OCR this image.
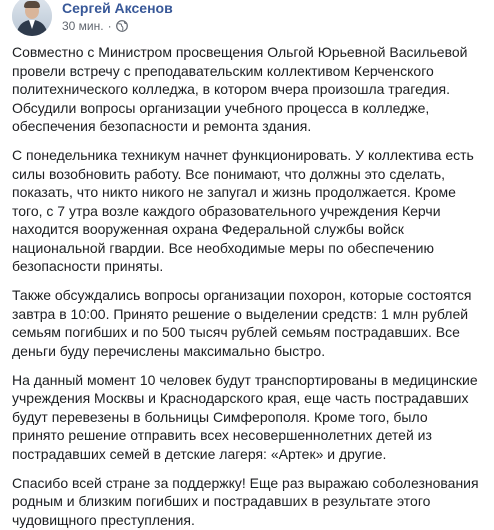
Сергей Аксенов
30 мин. ·

Совместно с Министром просвещения Ольгой Юрьевной Васильевой провели встречу с преподавательским коллективом Керченского политехнического колледжа, в котором вчера произошла трагедия. Обсудили вопросы организации учебного процесса в колледже, обеспечения безопасности и ремонта здания.

С понедельника техникум начнет функционировать. У коллектива есть силы возобновить работу. Все понимают, что должны это сделать, показать, что никто никого не запугал и жизнь продолжается. Кроме того, с 7 утра возле каждого образовательного учреждения Керчи находится вооруженная охрана Федеральной службы войск национальной гвардии. Все необходимые меры по обеспечению безопасности приняты.

Также обсуждались вопросы организации похорон, которые состоятся завтра в 10:00. Принято решение о выделении средств: 1 млн рублей семьям погибших и по 500 тысяч рублей семьям пострадавших. Все деньги буду перечислены максимально быстро.

На данный момент 10 человек будут транспортированы в медицинские учреждения Москвы и Краснодарского края, еще часть пострадавших будут перевезены в больницы Симферополя. Кроме того, было принято решение отправить всех несовершеннолетних детей из пострадавших семей в детские лагеря: «Артек» и другие.

Спасибо всей стране за поддержку! Еще раз выражаю соболезнования родным и близким погибших и пострадавших в результате этого чудовищного преступления.
